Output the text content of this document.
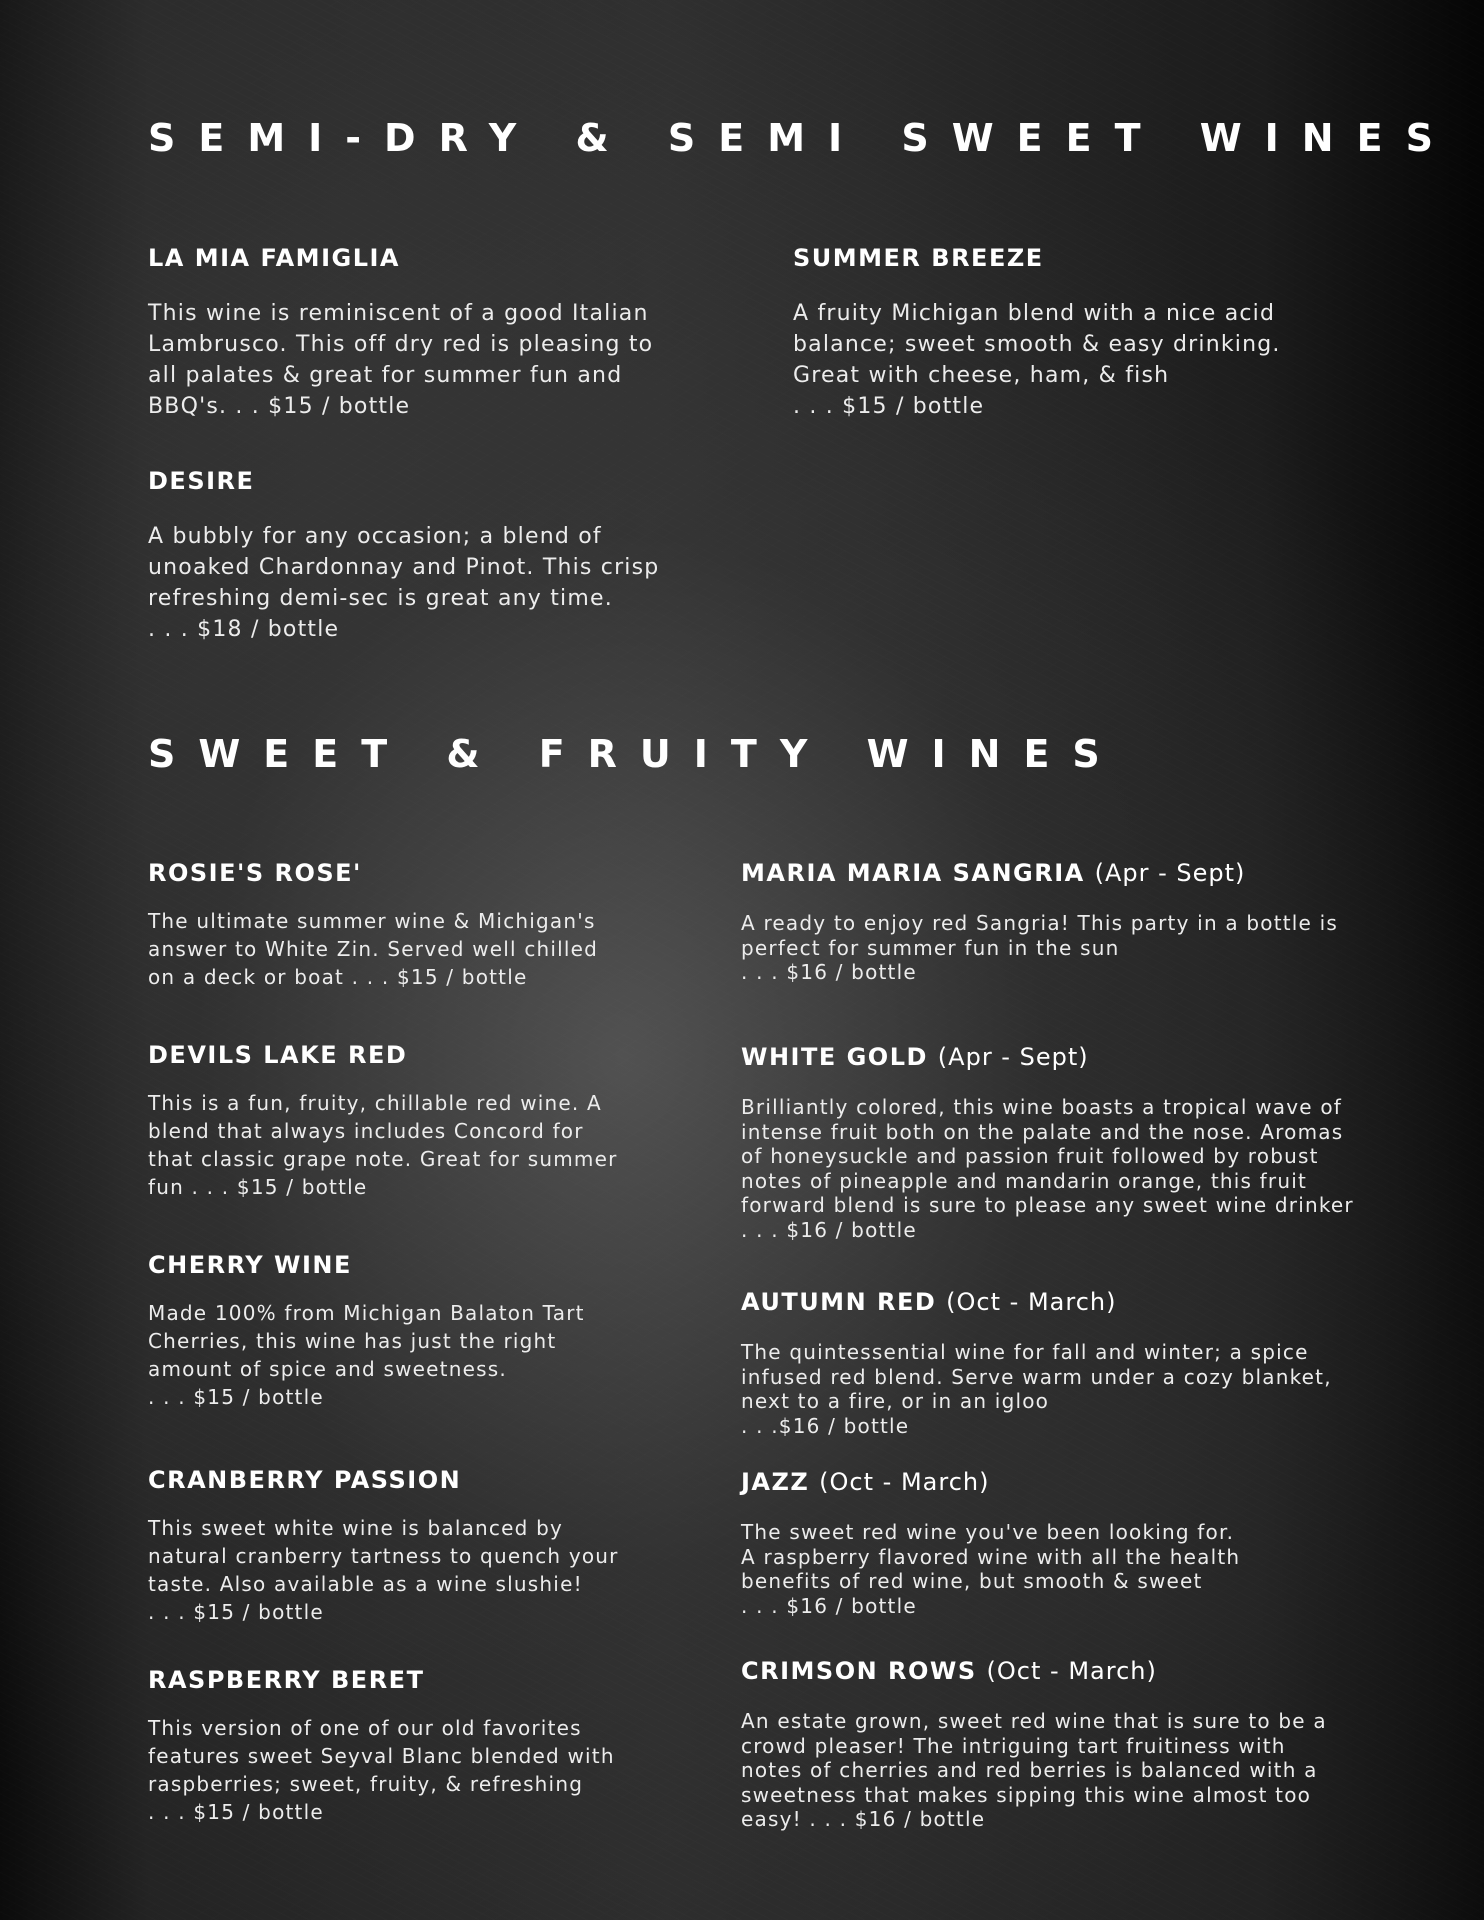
SEMI-DRY & SEMI SWEET WINES
LA MIA FAMIGLIA

This wine is reminiscent of a good Italian

Lambrusco. This off dry red is pleasing to

all palates & great for summer fun and

BBQ's. . . $15 / bottle

SUMMER BREEZE

A fruity Michigan blend with a nice acid

balance; sweet smooth & easy drinking.

Great with cheese, ham, & fish

. . . $15 / bottle

DESIRE

A bubbly for any occasion; a blend of

unoaked Chardonnay and Pinot. This crisp

refreshing demi-sec is great any time.

. . . $18 / bottle

SWEET & FRUITY WINES
ROSIE'S ROSE'

The ultimate summer wine & Michigan's

answer to White Zin. Served well chilled

on a deck or boat . . . $15 / bottle

DEVILS LAKE RED

This is a fun, fruity, chillable red wine. A

blend that always includes Concord for

that classic grape note. Great for summer

fun . . . $15 / bottle

CHERRY WINE

Made 100% from Michigan Balaton Tart

Cherries, this wine has just the right

amount of spice and sweetness.

. . . $15 / bottle

CRANBERRY PASSION

This sweet white wine is balanced by

natural cranberry tartness to quench your

taste. Also available as a wine slushie!

. . . $15 / bottle

RASPBERRY BERET

This version of one of our old favorites

features sweet Seyval Blanc blended with

raspberries; sweet, fruity, & refreshing

. . . $15 / bottle

MARIA MARIA SANGRIA (Apr - Sept)

A ready to enjoy red Sangria! This party in a bottle is

perfect for summer fun in the sun

. . . $16 / bottle

WHITE GOLD (Apr - Sept)

Brilliantly colored, this wine boasts a tropical wave of

intense fruit both on the palate and the nose. Aromas

of honeysuckle and passion fruit followed by robust

notes of pineapple and mandarin orange, this fruit

forward blend is sure to please any sweet wine drinker

. . . $16 / bottle

AUTUMN RED (Oct - March)

The quintessential wine for fall and winter; a spice

infused red blend. Serve warm under a cozy blanket,

next to a fire, or in an igloo

. . .$16 / bottle

JAZZ (Oct - March)

The sweet red wine you've been looking for.

A raspberry flavored wine with all the health

benefits of red wine, but smooth & sweet

. . . $16 / bottle

CRIMSON ROWS (Oct - March)

An estate grown, sweet red wine that is sure to be a

crowd pleaser! The intriguing tart fruitiness with

notes of cherries and red berries is balanced with a

sweetness that makes sipping this wine almost too

easy! . . . $16 / bottle
